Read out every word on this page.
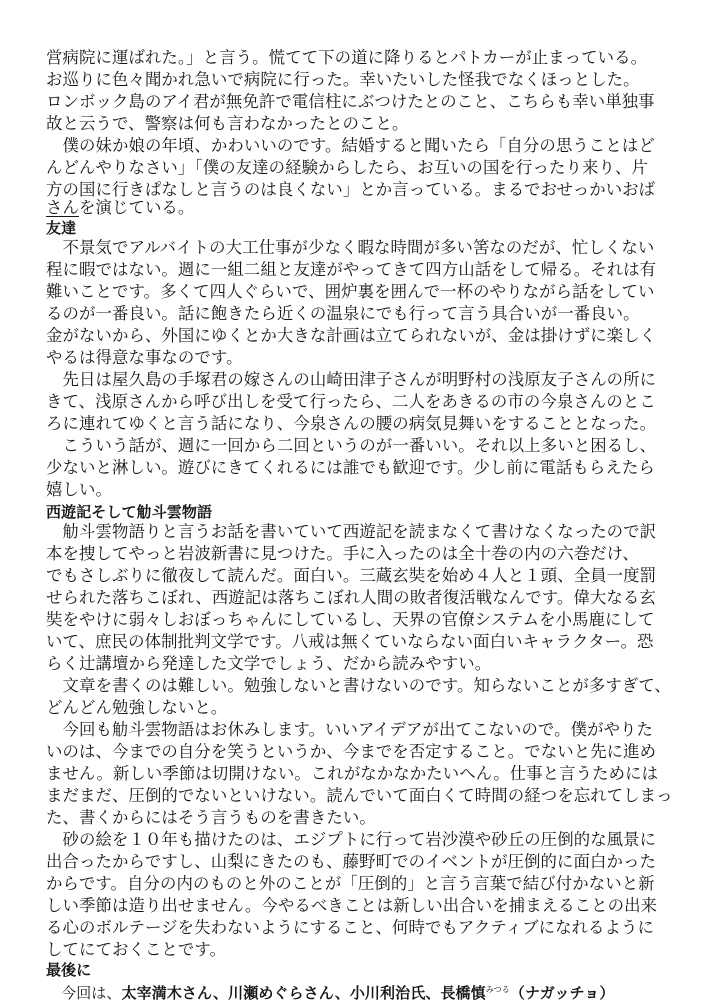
営病院に運ばれた。」と言う。慌てて下の道に降りるとパトカーが止まっている。
お巡りに色々聞かれ急いで病院に行った。幸いたいした怪我でなくほっとした。
ロンボック島のアイ君が無免許で電信柱にぶつけたとのこと、こちらも幸い単独事
故と云うで、警察は何も言わなかったとのこと。
　僕の妹か娘の年頃、かわいいのです。結婚すると聞いたら「自分の思うことはど
んどんやりなさい」「僕の友達の経験からしたら、お互いの国を行ったり来り、片
方の国に行きぱなしと言うのは良くない」とか言っている。まるでおせっかいおば
さんを演じている。
友達
　不景気でアルバイトの大工仕事が少なく暇な時間が多い筈なのだが、忙しくない
程に暇ではない。週に一組二組と友達がやってきて四方山話をして帰る。それは有
難いことです。多くて四人ぐらいで、囲炉裏を囲んで一杯のやりながら話をしてい
るのが一番良い。話に飽きたら近くの温泉にでも行って言う具合いが一番良い。
金がないから、外国にゆくとか大きな計画は立てられないが、金は掛けずに楽しく
やるは得意な事なのです。
　先日は屋久島の手塚君の嫁さんの山崎田津子さんが明野村の浅原友子さんの所に
きて、浅原さんから呼び出しを受て行ったら、二人をあきるの市の今泉さんのとこ
ろに連れてゆくと言う話になり、今泉さんの腰の病気見舞いをすることとなった。
　こういう話が、週に一回から二回というのが一番いい。それ以上多いと困るし、
少ないと淋しい。遊びにきてくれるには誰でも歓迎です。少し前に電話もらえたら
嬉しい。
西遊記そして觔斗雲物語
　觔斗雲物語りと言うお話を書いていて西遊記を読まなくて書けなくなったので訳
本を捜してやっと岩波新書に見つけた。手に入ったのは全十巻の内の六巻だけ、
でもさしぶりに徹夜して読んだ。面白い。三蔵玄奘を始め４人と１頭、全員一度罰
せられた落ちこぼれ、西遊記は落ちこぼれ人間の敗者復活戦なんです。偉大なる玄
奘をやけに弱々しおぼっちゃんにしているし、天界の官僚システムを小馬鹿にして
いて、庶民の体制批判文学です。八戒は無くていならない面白いキャラクター。恐
らく辻講壇から発達した文学でしょう、だから読みやすい。
　文章を書くのは難しい。勉強しないと書けないのです。知らないことが多すぎて、
どんどん勉強しないと。
　今回も觔斗雲物語はお休みします。いいアイデアが出てこないので。僕がやりた
いのは、今までの自分を笑うというか、今までを否定すること。でないと先に進め
ません。新しい季節は切開けない。これがなかなかたいへん。仕事と言うためには
まだまだ、圧倒的でないといけない。読んでいて面白くて時間の経つを忘れてしまっ
た、書くからにはそう言うものを書きたい。
　砂の絵を１０年も描けたのは、エジプトに行って岩沙漠や砂丘の圧倒的な風景に
出合ったからですし、山梨にきたのも、藤野町でのイベントが圧倒的に面白かった
からです。自分の内のものと外のことが「圧倒的」と言う言葉で結び付かないと新
しい季節は造り出せません。今やるべきことは新しい出合いを捕まえることの出来
る心のボルテージを失わないようにすること、何時でもアクティブになれるように
してにておくことです。
最後に
　今回は、太宰満木さん、川瀬めぐらさん、小川利治氏、長橋慎$^{みつる}$（ナガッチョ）
